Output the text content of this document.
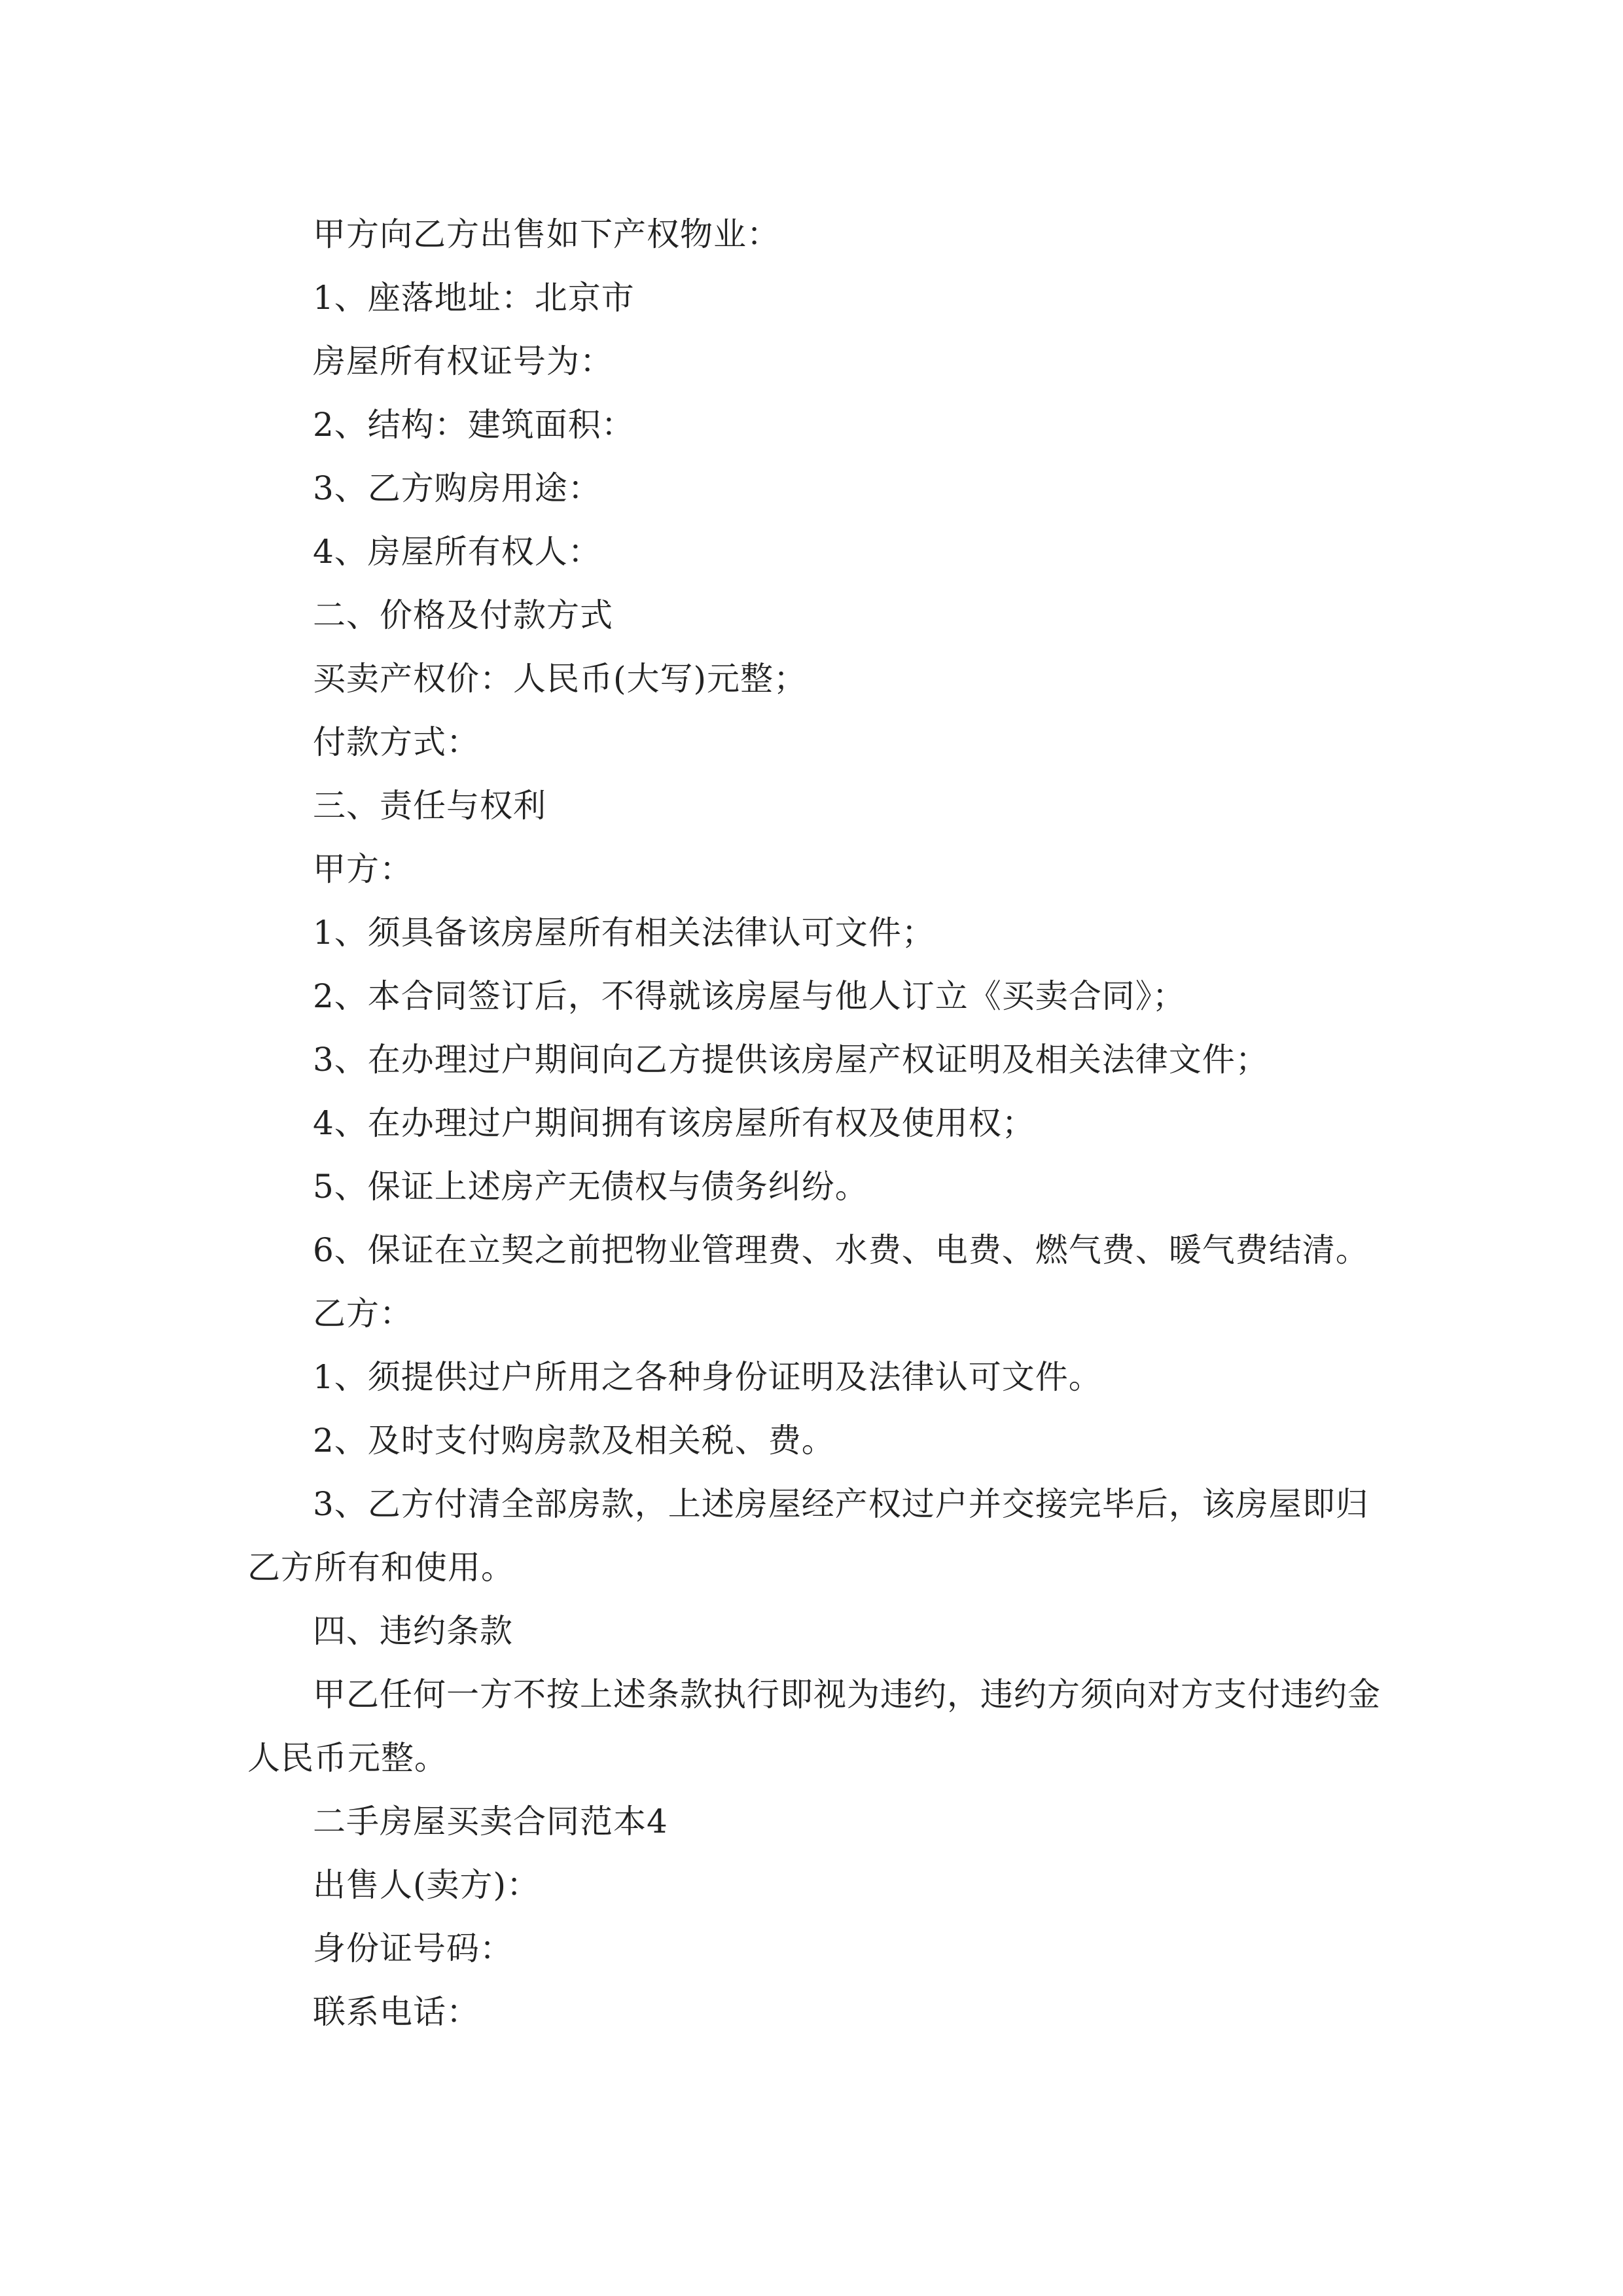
甲方向乙方出售如下产权物业：

1、座落地址：北京市

房屋所有权证号为：

2、结构：建筑面积：

3、乙方购房用途：

4、房屋所有权人：

二、价格及付款方式

买卖产权价：人民币(大写)元整；

付款方式：

三、责任与权利

甲方：

1、须具备该房屋所有相关法律认可文件；

2、本合同签订后，不得就该房屋与他人订立《买卖合同》；

3、在办理过户期间向乙方提供该房屋产权证明及相关法律文件；

4、在办理过户期间拥有该房屋所有权及使用权；

5、保证上述房产无债权与债务纠纷。

6、保证在立契之前把物业管理费、水费、电费、燃气费、暖气费结清。

乙方：

1、须提供过户所用之各种身份证明及法律认可文件。

2、及时支付购房款及相关税、费。

3、乙方付清全部房款，上述房屋经产权过户并交接完毕后，该房屋即归乙方所有和使用。

四、违约条款

甲乙任何一方不按上述条款执行即视为违约，违约方须向对方支付违约金人民币元整。

二手房屋买卖合同范本4

出售人(卖方)：

身份证号码：

联系电话：
